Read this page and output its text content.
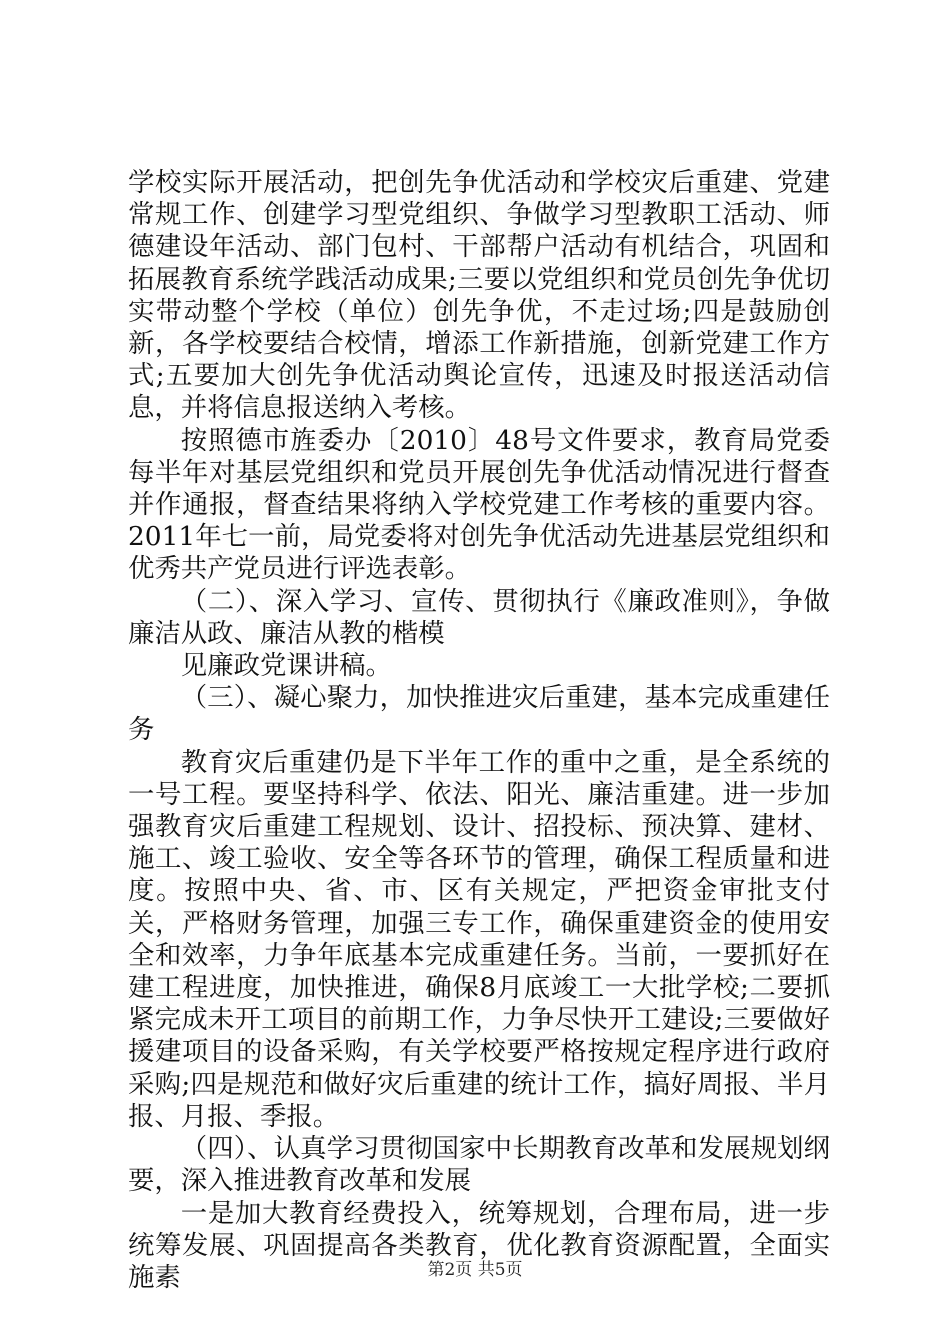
学校实际开展活动，把创先争优活动和学校灾后重建、党建常规工作、创建学习型党组织、争做学习型教职工活动、师德建设年活动、部门包村、干部帮户活动有机结合，巩固和拓展教育系统学践活动成果;三要以党组织和党员创先争优切实带动整个学校（单位）创先争优，不走过场;四是鼓励创新，各学校要结合校情，增添工作新措施，创新党建工作方式;五要加大创先争优活动舆论宣传，迅速及时报送活动信息，并将信息报送纳入考核。

按照德市旌委办〔2010〕48号文件要求，教育局党委每半年对基层党组织和党员开展创先争优活动情况进行督查并作通报，督查结果将纳入学校党建工作考核的重要内容。2011年七一前，局党委将对创先争优活动先进基层党组织和优秀共产党员进行评选表彰。

（二）、深入学习、宣传、贯彻执行《廉政准则》，争做廉洁从政、廉洁从教的楷模

见廉政党课讲稿。

（三）、凝心聚力，加快推进灾后重建，基本完成重建任务

教育灾后重建仍是下半年工作的重中之重，是全系统的一号工程。要坚持科学、依法、阳光、廉洁重建。进一步加强教育灾后重建工程规划、设计、招投标、预决算、建材、施工、竣工验收、安全等各环节的管理，确保工程质量和进度。按照中央、省、市、区有关规定，严把资金审批支付关，严格财务管理，加强三专工作，确保重建资金的使用安全和效率，力争年底基本完成重建任务。当前，一要抓好在建工程进度，加快推进，确保8月底竣工一大批学校;二要抓紧完成未开工项目的前期工作，力争尽快开工建设;三要做好援建项目的设备采购，有关学校要严格按规定程序进行政府采购;四是规范和做好灾后重建的统计工作，搞好周报、半月报、月报、季报。

（四）、认真学习贯彻国家中长期教育改革和发展规划纲要，深入推进教育改革和发展

一是加大教育经费投入，统筹规划，合理布局，进一步统筹发展、巩固提高各类教育，优化教育资源配置，全面实施素	第2页 共5页
